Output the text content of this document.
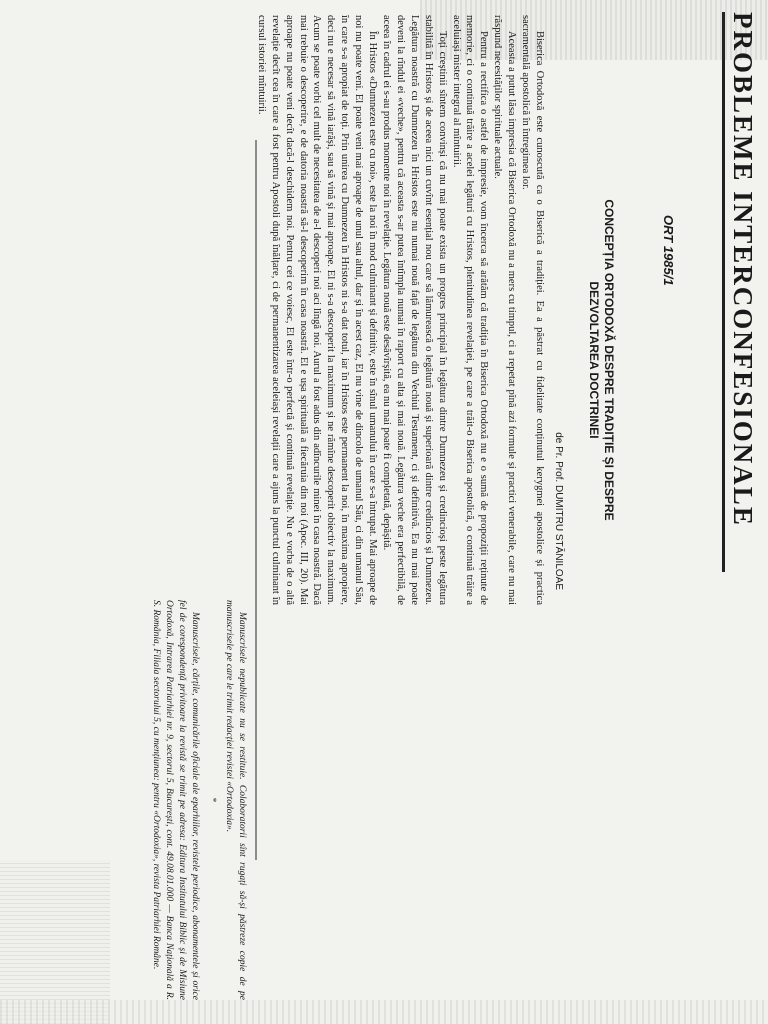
PROBLEME INTERCONFESIONALE
ORT 1985/1
CONCEPȚIA ORTODOXĂ DESPRE TRADIȚIE ȘI DESPRE
DEZVOLTAREA DOCTRINEI
de Pr. Prof. DUMITRU STĂNILOAE

Biserica Ortodoxă este cunoscută ca o Biserică a tradiției. Ea a păstrat cu fidelitate conținutul kerygmei apostolice și practica sacramentală apostolică în întregimea lor.

Aceasta a putut lăsa impresia că Biserica Ortodoxă nu a mers cu timpul, ci a repetat pînă azi formule și practici venerabile, care nu mai răspund necesităților spirituale actuale.

Pentru a rectifica o astfel de impresie, vom încerca să arătăm că tradiția în Biserica Ortodoxă nu e o sumă de propoziții reținute de memorie, ci o continuă trăire a acelei legături cu Hristos, plenitudinea revelației, pe care a trăit-o Biserica apostolică, o continuă trăire a aceluiași mister integral al mîntuirii.

Toți creștinii sîntem convinși că nu mai poate exista un progres principial în legătura dintre Dumnezeu și credincioși peste legătura stabilită în Hristos și de aceea nici un cuvînt esențial nou care să lămurească o legătură nouă și superioară dintre credincios și Dumnezeu. Legătura noastră cu Dumnezeu în Hristos este nu numai nouă față de legătura din Vechiul Testament, ci și definitivă. Ea nu mai poate deveni la rîndul ei «veche», pentru că aceasta s-ar putea întîmpla numai în raport cu alta și mai nouă. Legătura veche era perfectibilă, de aceea în cadrul ei s-au produs momente noi în revelație. Legătura nouă este desăvîrșită, ea nu mai poate fi completată, depășită.

În Hristos «Dumnezeu este cu noi», este la noi în mod culminant și definitiv, este în sînul umanului în care s-a întrupat. Mai aproape de noi nu poate veni. El poate veni mai aproape de unul sau altul, dar și în acest caz, El nu vine de dincolo de umanul Său, ci din umanul Său, în care s-a apropiat de toți. Prin unirea cu Dumnezeu în Hristos ni s-a dat totul, iar în Hristos este permanent la noi, în maxima apropiere, deci nu e necesar să vină iarăși, sau să vină și mai aproape. El ni s-a descoperit la maximum și ne rămîne descoperit obiectiv la maximum. Acum se poate vorbi cel mult de necesitatea de a-l descoperi noi aci lîngă noi. Aurul a fost adus din adîncurile minei în casa noastră. Dacă mai trebuie o descoperire, e de datoria noastră să-l descoperim în casa noastră. El e ușa spirituală a fiecăruia din noi (Apoc. III, 20). Mai aproape nu poate veni decît dacă-l deschidem noi. Pentru cei ce voiesc, El este într-o perfectă și continuă revelație. Nu e vorba de o altă revelație decît cea în care a fost pentru Apostoli după înălțare, ci de permanentizarea aceleiași revelații care a ajuns la punctul culminant în cursul istoriei mîntuirii.

Manuscrisele nepublicate nu se restituie. Colaboratorii sînt rugați să-și păstreze copie de pe manuscrisele pe care le trimit redacției revistei «Ortodoxia».

*

Manuscrisele, cărțile, comunicările oficiale ale eparhiilor, revistele periodice, abonamentele și orice fel de corespondență privitoare la revistă se trimit pe adresa: Editura Institutului Biblic și de Misiune Ortodoxă, Intrarea Patriarhiei nr. 9, sectorul 5, București, cont. 49.08.01.000 — Banca Națională a R. S. România, Filiala sectorului 5, cu mențiunea: pentru «Ortodoxia», revista Patriarhiei Române.
